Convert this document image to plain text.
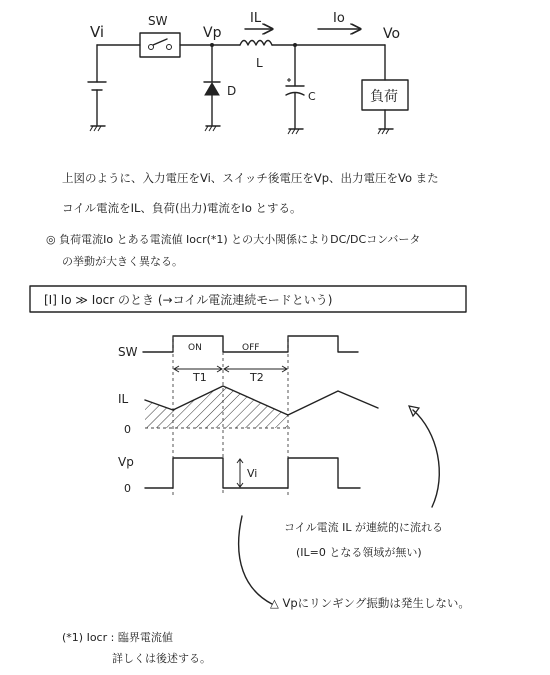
Vi
SW
Vp
D
IL
L
Io
C
Vo
負荷
上図のように、入力電圧をVi、スイッチ後電圧をVp、出力電圧をVo また
コイル電流をIL、負荷(出力)電流をIo とする。
◎ 負荷電流Io とある電流値 Iocr(*1) との大小関係によりDC/DCコンバータ
の挙動が大きく異なる。
[I] Io ≫ Iocr のとき (→コイル電流連続モードという)
SW	ON	OFF
T1	T2
IL
0
Vp
0
Vi
コイル電流 IL が連続的に流れる
(IL=0 となる領域が無い)
△ Vpにリンギング振動は発生しない。
(*1) Iocr : 臨界電流値
詳しくは後述する。
